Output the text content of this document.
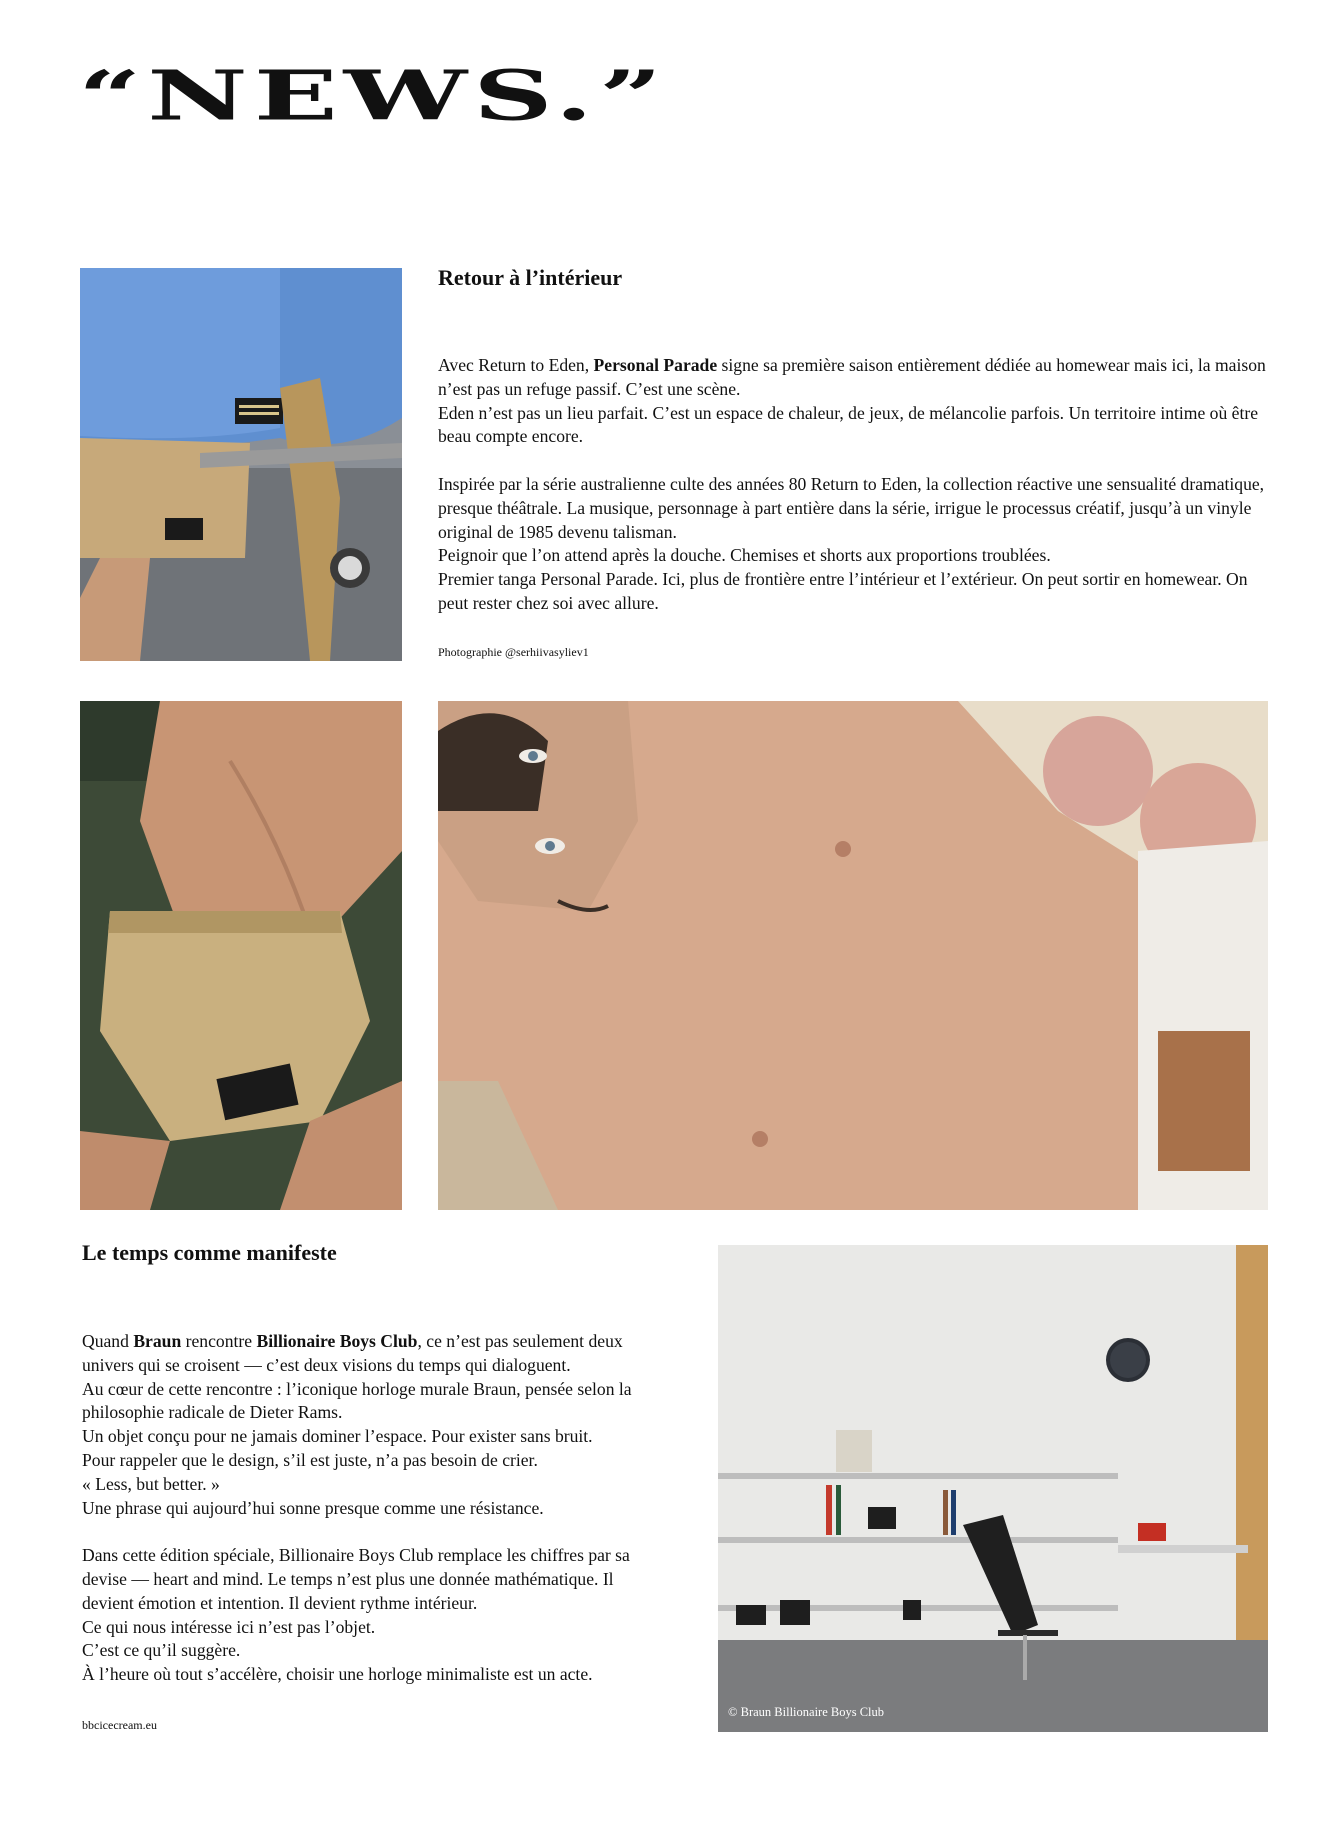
“NEWS.”
Retour à l’intérieur

Avec Return to Eden, Personal Parade signe sa première saison entièrement dédiée au homewear mais ici, la maison n’est pas un refuge passif. C’est une scène.

Eden n’est pas un lieu parfait. C’est un espace de chaleur, de jeux, de mélancolie parfois. Un territoire intime où être beau compte encore.

Inspirée par la série australienne culte des années 80 Return to Eden, la collection réactive une sensualité dramatique, presque théâtrale. La musique, personnage à part entière dans la série, irrigue le processus créatif, jusqu’à un vinyle original de 1985 devenu talisman.

Peignoir que l’on attend après la douche. Chemises et shorts aux proportions troublées.

Premier tanga Personal Parade. Ici, plus de frontière entre l’intérieur et l’extérieur. On peut sortir en homewear. On peut rester chez soi avec allure.

Photographie @serhiivasyliev1
Le temps comme manifeste

Quand Braun rencontre Billionaire Boys Club, ce n’est pas seulement deux univers qui se croisent — c’est deux visions du temps qui dialoguent.

Au cœur de cette rencontre : l’iconique horloge murale Braun, pensée selon la philosophie radicale de Dieter Rams.

Un objet conçu pour ne jamais dominer l’espace. Pour exister sans bruit.

Pour rappeler que le design, s’il est juste, n’a pas besoin de crier.

« Less, but better. »

Une phrase qui aujourd’hui sonne presque comme une résistance.

Dans cette édition spéciale, Billionaire Boys Club remplace les chiffres par sa devise — heart and mind. Le temps n’est plus une donnée mathématique. Il devient émotion et intention. Il devient rythme intérieur.

Ce qui nous intéresse ici n’est pas l’objet.

C’est ce qu’il suggère.

À l’heure où tout s’accélère, choisir une horloge minimaliste est un acte.

bbcicecream.eu
© Braun Billionaire Boys Club
